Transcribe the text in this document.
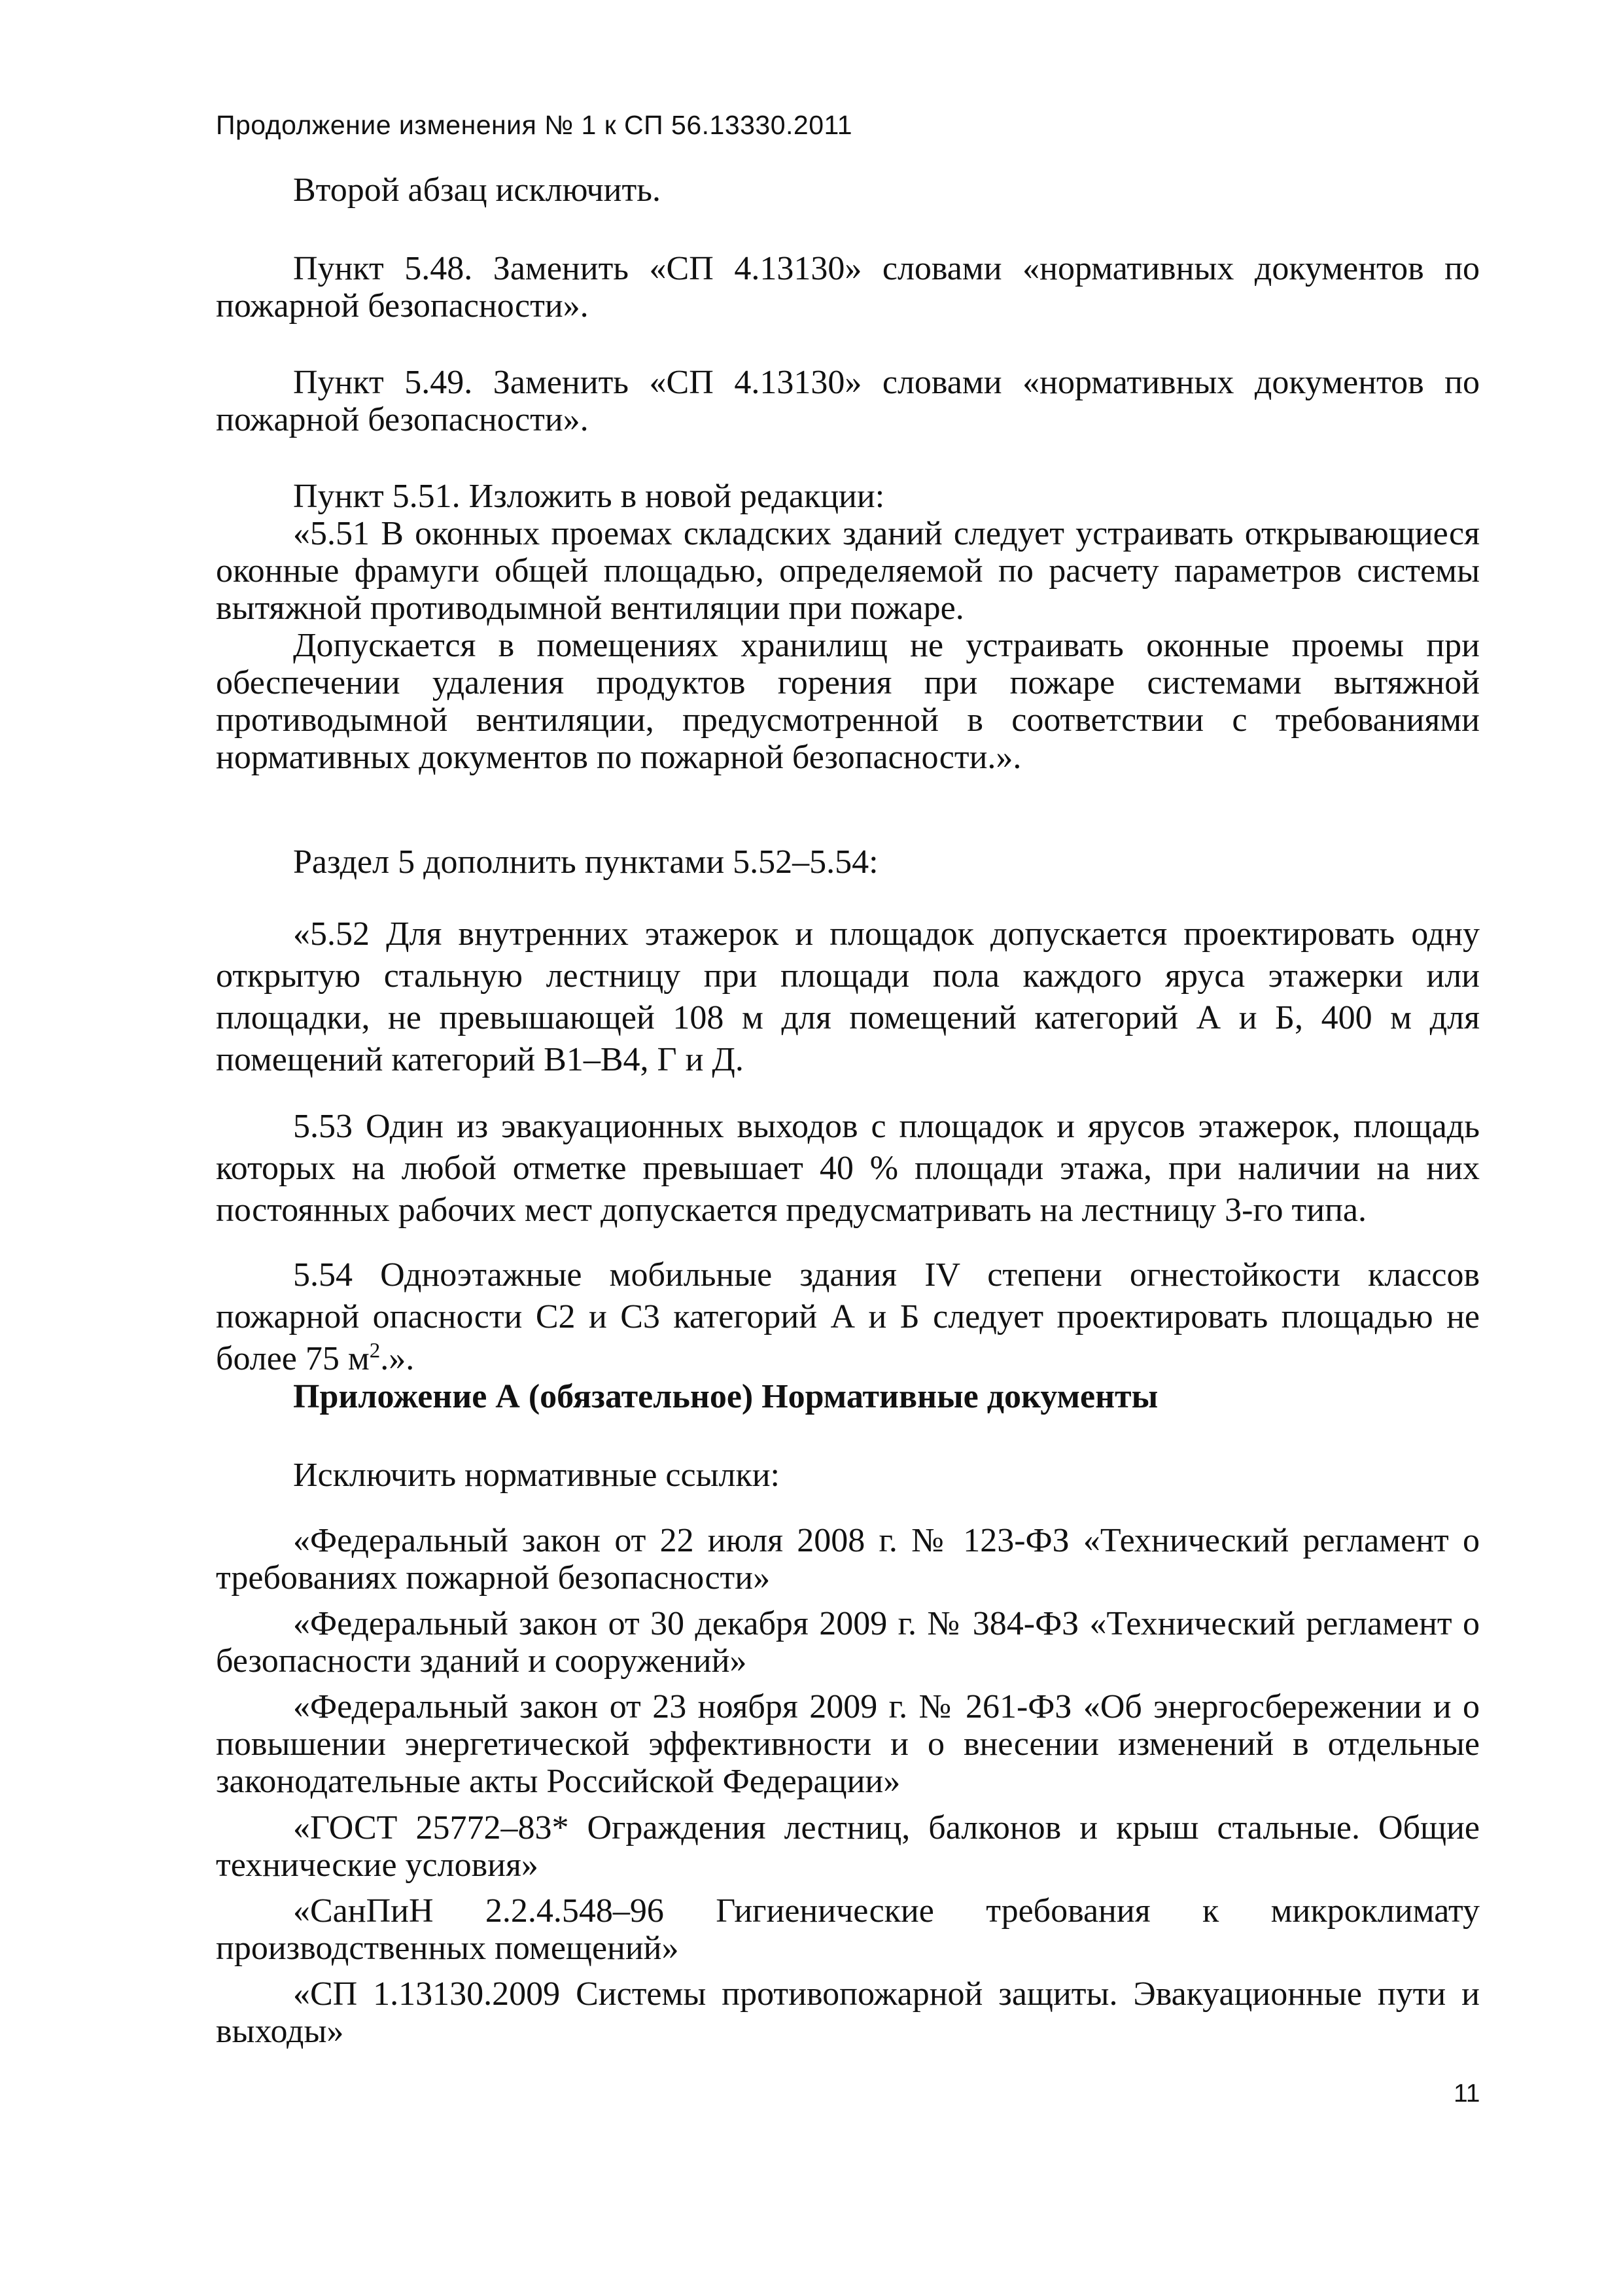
Продолжение изменения № 1 к СП 56.13330.2011

Второй абзац исключить.

Пункт 5.48. Заменить «СП 4.13130» словами «нормативных документов по пожарной безопасности».

Пункт 5.49. Заменить «СП 4.13130» словами «нормативных документов по пожарной безопасности».

Пункт 5.51. Изложить в новой редакции:

«5.51 В оконных проемах складских зданий следует устраивать открывающиеся оконные фрамуги общей площадью, определяемой по расчету параметров системы вытяжной противодымной вентиляции при пожаре.

Допускается в помещениях хранилищ не устраивать оконные проемы при обеспечении удаления продуктов горения при пожаре системами вытяжной противодымной вентиляции, предусмотренной в соответствии с требованиями нормативных документов по пожарной безопасности.».

Раздел 5 дополнить пунктами 5.52–5.54:

«5.52 Для внутренних этажерок и площадок допускается проектировать одну открытую стальную лестницу при площади пола каждого яруса этажерки или площадки, не превышающей 108 м для помещений категорий А и Б, 400 м для помещений категорий В1–В4, Г и Д.

5.53 Один из эвакуационных выходов с площадок и ярусов этажерок, площадь которых на любой отметке превышает 40 % площади этажа, при наличии на них постоянных рабочих мест допускается предусматривать на лестницу 3-го типа.

5.54 Одноэтажные мобильные здания IV степени огнестойкости классов пожарной опасности С2 и С3 категорий А и Б следует проектировать площадью не более 75 $м^2$.».

Приложение А (обязательное) Нормативные документы

Исключить нормативные ссылки:

«Федеральный закон от 22 июля 2008 г. № 123-ФЗ «Технический регламент о требованиях пожарной безопасности»

«Федеральный закон от 30 декабря 2009 г. № 384-ФЗ «Технический регламент о безопасности зданий и сооружений»

«Федеральный закон от 23 ноября 2009 г. № 261-ФЗ «Об энергосбережении и о повышении энергетической эффективности и о внесении изменений в отдельные законодательные акты Российской Федерации»

«ГОСТ 25772–83* Ограждения лестниц, балконов и крыш стальные. Общие технические условия»

«СанПиН 2.2.4.548–96 Гигиенические требования к микроклимату производственных помещений»

«СП 1.13130.2009 Системы противопожарной защиты. Эвакуационные пути и выходы»

11
